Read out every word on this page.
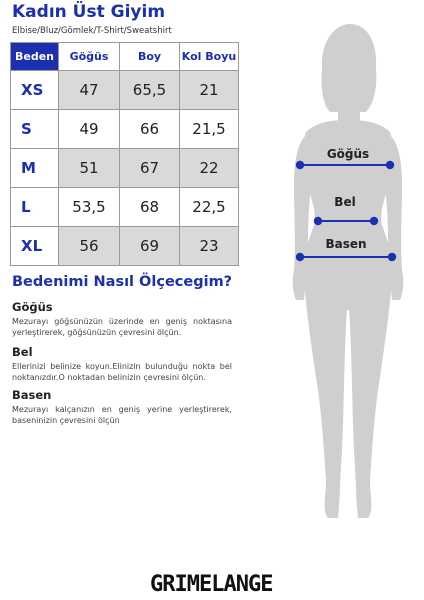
Kadın Üst Giyim
Elbise/Bluz/Gömlek/T-Shirt/Sweatshirt
Beden	Göğüs	Boy	Kol Boyu
XS	47	65,5	21
S	49	66	21,5
M	51	67	22
L	53,5	68	22,5
XL	56	69	23
Bedenimi Nasıl Ölçecegim?
Göğüs
Mezurayı göğsünüzün üzerinde en geniş noktasına yerleştirerek, göğsünüzün çevresini ölçün.
Bel
Ellerinizi belinize koyun.Elinizin bulunduğu nokta bel noktanızdır.O noktadan belinizin çevresini ölçün.
Basen
Mezurayı kalçanızın en geniş yerine yerleştirerek, baseninizin çevresini ölçün
Göğüs
Bel
Basen
GRIMELANGE
